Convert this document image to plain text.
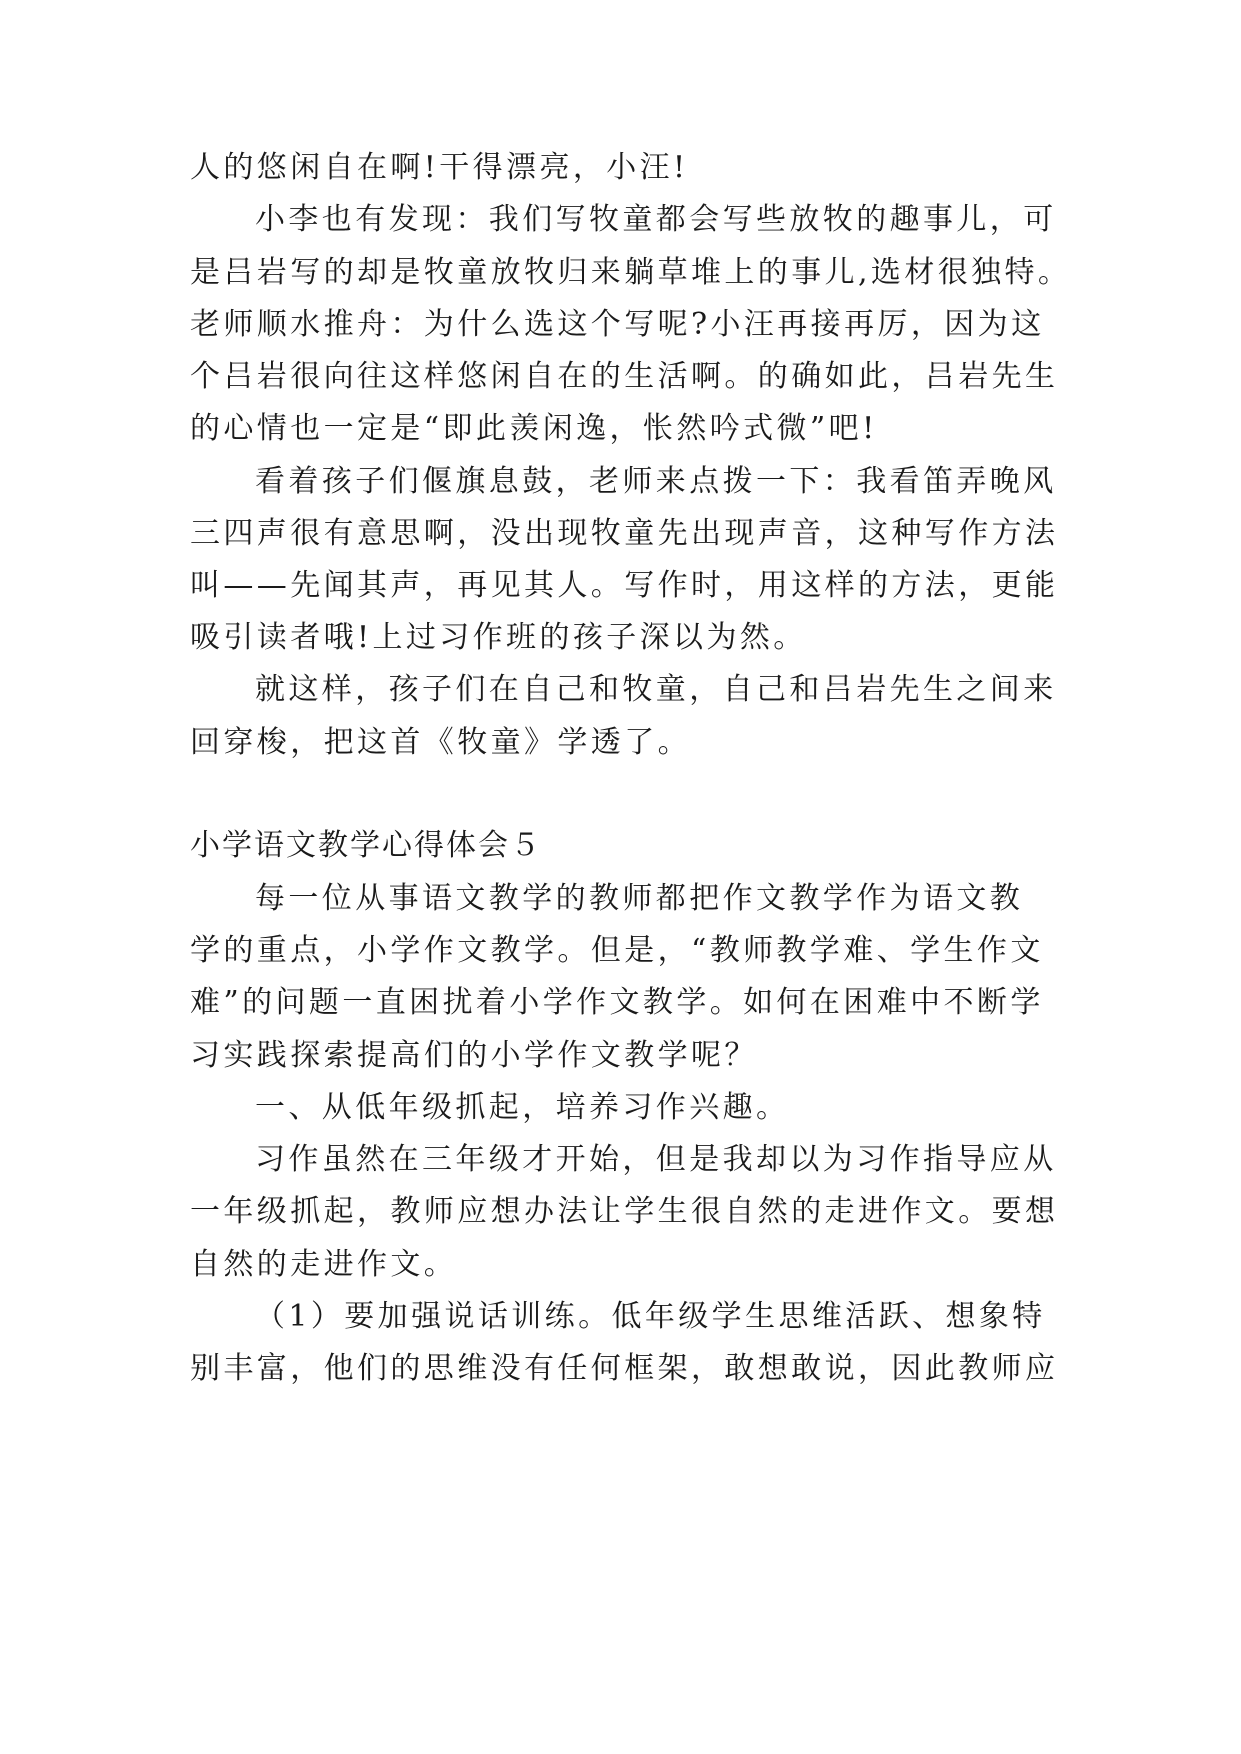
人的悠闲自在啊!干得漂亮，小汪!
小李也有发现：我们写牧童都会写些放牧的趣事儿，可
是吕岩写的却是牧童放牧归来躺草堆上的事儿,选材很独特。
老师顺水推舟：为什么选这个写呢?小汪再接再厉，因为这
个吕岩很向往这样悠闲自在的生活啊。的确如此，吕岩先生
的心情也一定是“即此羡闲逸，怅然吟式微”吧!
看着孩子们偃旗息鼓，老师来点拨一下：我看笛弄晚风
三四声很有意思啊，没出现牧童先出现声音，这种写作方法
叫——先闻其声，再见其人。写作时，用这样的方法，更能
吸引读者哦!上过习作班的孩子深以为然。
就这样，孩子们在自己和牧童，自己和吕岩先生之间来
回穿梭，把这首《牧童》学透了。
小学语文教学心得体会５
每一位从事语文教学的教师都把作文教学作为语文教
学的重点，小学作文教学。但是，“教师教学难、学生作文
难”的问题一直困扰着小学作文教学。如何在困难中不断学
习实践探索提高们的小学作文教学呢？
一、从低年级抓起，培养习作兴趣。
习作虽然在三年级才开始，但是我却以为习作指导应从
一年级抓起，教师应想办法让学生很自然的走进作文。要想
自然的走进作文。
（1）要加强说话训练。低年级学生思维活跃、想象特
别丰富，他们的思维没有任何框架，敢想敢说，因此教师应
